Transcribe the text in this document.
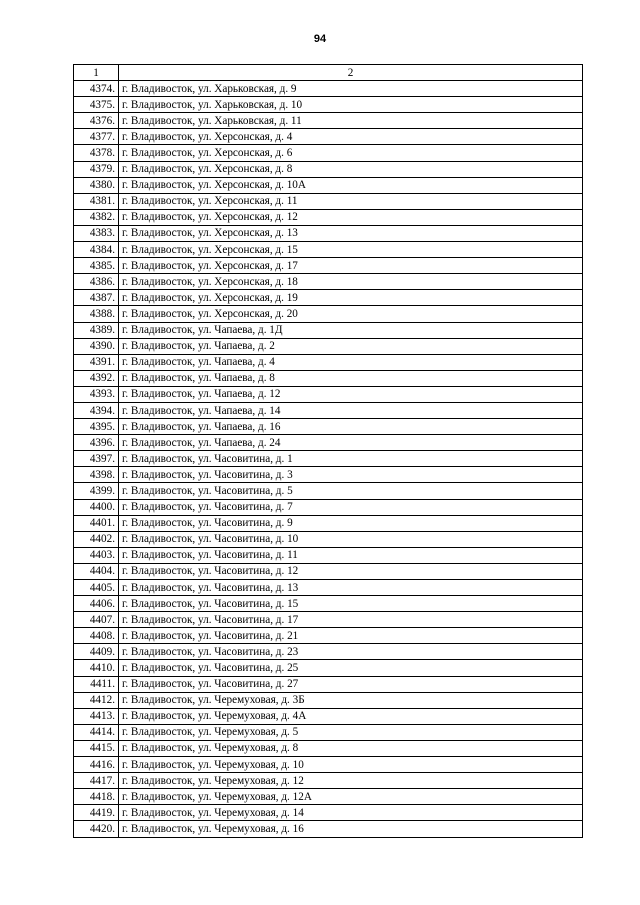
94
1	2
4374.	г. Владивосток, ул. Харьковская, д. 9
4375.	г. Владивосток, ул. Харьковская, д. 10
4376.	г. Владивосток, ул. Харьковская, д. 11
4377.	г. Владивосток, ул. Херсонская, д. 4
4378.	г. Владивосток, ул. Херсонская, д. 6
4379.	г. Владивосток, ул. Херсонская, д. 8
4380.	г. Владивосток, ул. Херсонская, д. 10А
4381.	г. Владивосток, ул. Херсонская, д. 11
4382.	г. Владивосток, ул. Херсонская, д. 12
4383.	г. Владивосток, ул. Херсонская, д. 13
4384.	г. Владивосток, ул. Херсонская, д. 15
4385.	г. Владивосток, ул. Херсонская, д. 17
4386.	г. Владивосток, ул. Херсонская, д. 18
4387.	г. Владивосток, ул. Херсонская, д. 19
4388.	г. Владивосток, ул. Херсонская, д. 20
4389.	г. Владивосток, ул. Чапаева, д. 1Д
4390.	г. Владивосток, ул. Чапаева, д. 2
4391.	г. Владивосток, ул. Чапаева, д. 4
4392.	г. Владивосток, ул. Чапаева, д. 8
4393.	г. Владивосток, ул. Чапаева, д. 12
4394.	г. Владивосток, ул. Чапаева, д. 14
4395.	г. Владивосток, ул. Чапаева, д. 16
4396.	г. Владивосток, ул. Чапаева, д. 24
4397.	г. Владивосток, ул. Часовитина, д. 1
4398.	г. Владивосток, ул. Часовитина, д. 3
4399.	г. Владивосток, ул. Часовитина, д. 5
4400.	г. Владивосток, ул. Часовитина, д. 7
4401.	г. Владивосток, ул. Часовитина, д. 9
4402.	г. Владивосток, ул. Часовитина, д. 10
4403.	г. Владивосток, ул. Часовитина, д. 11
4404.	г. Владивосток, ул. Часовитина, д. 12
4405.	г. Владивосток, ул. Часовитина, д. 13
4406.	г. Владивосток, ул. Часовитина, д. 15
4407.	г. Владивосток, ул. Часовитина, д. 17
4408.	г. Владивосток, ул. Часовитина, д. 21
4409.	г. Владивосток, ул. Часовитина, д. 23
4410.	г. Владивосток, ул. Часовитина, д. 25
4411.	г. Владивосток, ул. Часовитина, д. 27
4412.	г. Владивосток, ул. Черемуховая, д. 3Б
4413.	г. Владивосток, ул. Черемуховая, д. 4А
4414.	г. Владивосток, ул. Черемуховая, д. 5
4415.	г. Владивосток, ул. Черемуховая, д. 8
4416.	г. Владивосток, ул. Черемуховая, д. 10
4417.	г. Владивосток, ул. Черемуховая, д. 12
4418.	г. Владивосток, ул. Черемуховая, д. 12А
4419.	г. Владивосток, ул. Черемуховая, д. 14
4420.	г. Владивосток, ул. Черемуховая, д. 16
